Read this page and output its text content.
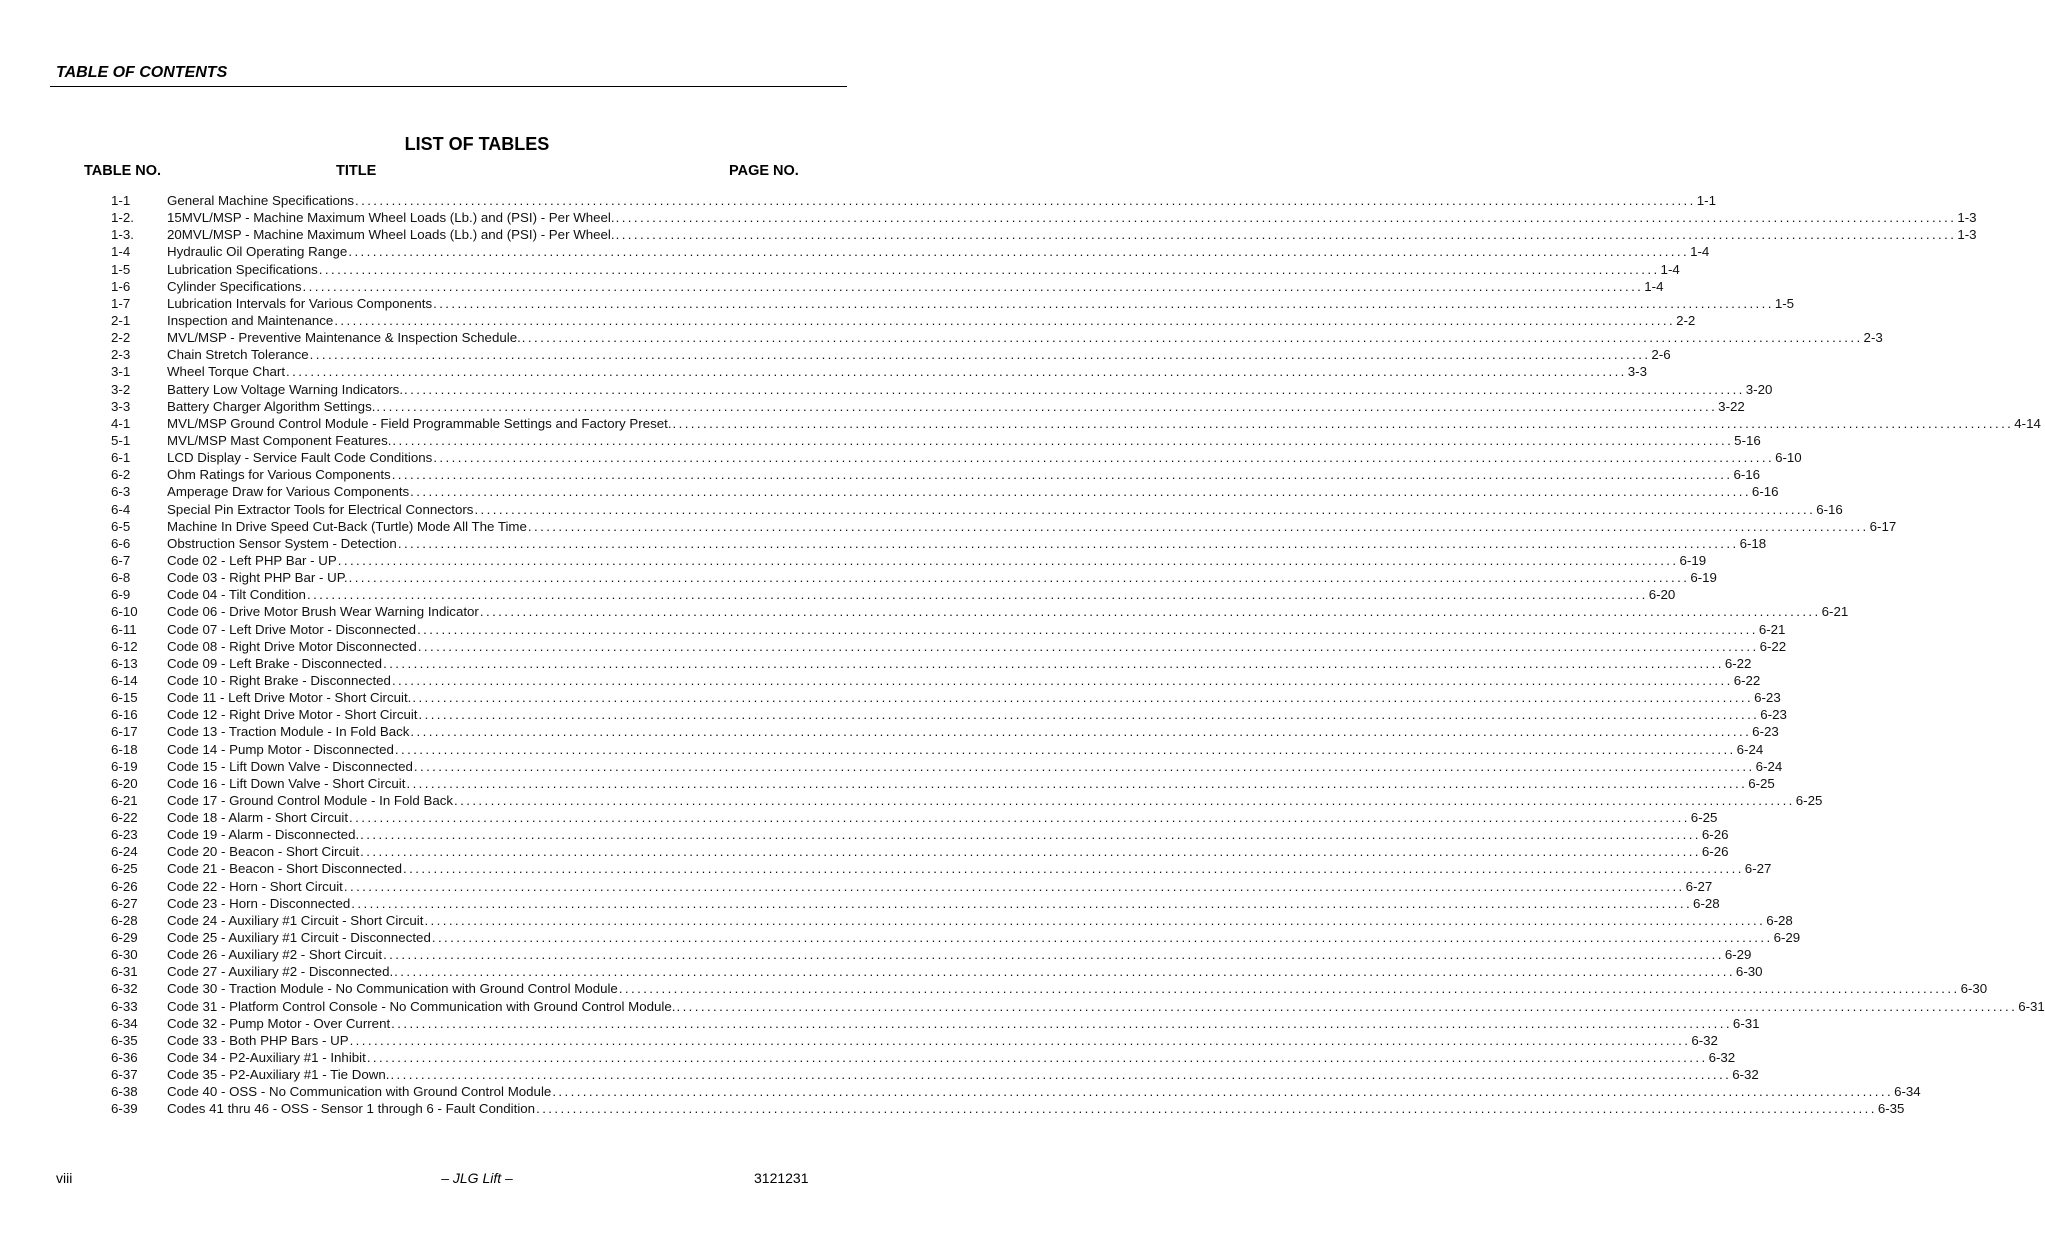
TABLE OF CONTENTS
LIST OF TABLES
TABLE NO.	TITLE	PAGE NO.
1-1	General Machine Specifications ............................................................................................................................................................................................................................ 1-1
1-2.	15MVL/MSP - Machine Maximum Wheel Loads (Lb.) and (PSI) - Per Wheel. ............................................................................................................................................................................................................................ 1-3
1-3.	20MVL/MSP - Machine Maximum Wheel Loads (Lb.) and (PSI) - Per Wheel. ............................................................................................................................................................................................................................ 1-3
1-4	Hydraulic Oil Operating Range ............................................................................................................................................................................................................................ 1-4
1-5	Lubrication Specifications ............................................................................................................................................................................................................................ 1-4
1-6	Cylinder Specifications ............................................................................................................................................................................................................................ 1-4
1-7	Lubrication Intervals for Various Components ............................................................................................................................................................................................................................ 1-5
2-1	Inspection and Maintenance ............................................................................................................................................................................................................................ 2-2
2-2	MVL/MSP - Preventive Maintenance & Inspection Schedule. ............................................................................................................................................................................................................................ 2-3
2-3	Chain Stretch Tolerance ............................................................................................................................................................................................................................ 2-6
3-1	Wheel Torque Chart ............................................................................................................................................................................................................................ 3-3
3-2	Battery Low Voltage Warning Indicators. ............................................................................................................................................................................................................................ 3-20
3-3	Battery Charger Algorithm Settings. ............................................................................................................................................................................................................................ 3-22
4-1	MVL/MSP Ground Control Module - Field Programmable Settings and Factory Preset. ............................................................................................................................................................................................................................ 4-14
5-1	MVL/MSP Mast Component Features. ............................................................................................................................................................................................................................ 5-16
6-1	LCD Display - Service Fault Code Conditions ............................................................................................................................................................................................................................ 6-10
6-2	Ohm Ratings for Various Components ............................................................................................................................................................................................................................ 6-16
6-3	Amperage Draw for Various Components ............................................................................................................................................................................................................................ 6-16
6-4	Special Pin Extractor Tools for Electrical Connectors ............................................................................................................................................................................................................................ 6-16
6-5	Machine In Drive Speed Cut-Back (Turtle) Mode All The Time ............................................................................................................................................................................................................................ 6-17
6-6	Obstruction Sensor System - Detection ............................................................................................................................................................................................................................ 6-18
6-7	Code 02 - Left PHP Bar - UP ............................................................................................................................................................................................................................ 6-19
6-8	Code 03 - Right PHP Bar - UP. ............................................................................................................................................................................................................................ 6-19
6-9	Code 04 - Tilt Condition ............................................................................................................................................................................................................................ 6-20
6-10	Code 06 - Drive Motor Brush Wear Warning Indicator ............................................................................................................................................................................................................................ 6-21
6-11	Code 07 - Left Drive Motor - Disconnected ............................................................................................................................................................................................................................ 6-21
6-12	Code 08 - Right Drive Motor Disconnected ............................................................................................................................................................................................................................ 6-22
6-13	Code 09 - Left Brake - Disconnected ............................................................................................................................................................................................................................ 6-22
6-14	Code 10 - Right Brake - Disconnected ............................................................................................................................................................................................................................ 6-22
6-15	Code 11 - Left Drive Motor - Short Circuit. ............................................................................................................................................................................................................................ 6-23
6-16	Code 12 - Right Drive Motor - Short Circuit ............................................................................................................................................................................................................................ 6-23
6-17	Code 13 - Traction Module - In Fold Back ............................................................................................................................................................................................................................ 6-23
6-18	Code 14 - Pump Motor - Disconnected ............................................................................................................................................................................................................................ 6-24
6-19	Code 15 - Lift Down Valve - Disconnected ............................................................................................................................................................................................................................ 6-24
6-20	Code 16 - Lift Down Valve - Short Circuit ............................................................................................................................................................................................................................ 6-25
6-21	Code 17 - Ground Control Module - In Fold Back ............................................................................................................................................................................................................................ 6-25
6-22	Code 18 - Alarm - Short Circuit ............................................................................................................................................................................................................................ 6-25
6-23	Code 19 - Alarm - Disconnected. ............................................................................................................................................................................................................................ 6-26
6-24	Code 20 - Beacon - Short Circuit ............................................................................................................................................................................................................................ 6-26
6-25	Code 21 - Beacon - Short Disconnected ............................................................................................................................................................................................................................ 6-27
6-26	Code 22 - Horn - Short Circuit ............................................................................................................................................................................................................................ 6-27
6-27	Code 23 - Horn - Disconnected ............................................................................................................................................................................................................................ 6-28
6-28	Code 24 - Auxiliary #1 Circuit - Short Circuit ............................................................................................................................................................................................................................ 6-28
6-29	Code 25 - Auxiliary #1 Circuit - Disconnected ............................................................................................................................................................................................................................ 6-29
6-30	Code 26 - Auxiliary #2 - Short Circuit ............................................................................................................................................................................................................................ 6-29
6-31	Code 27 - Auxiliary #2 - Disconnected. ............................................................................................................................................................................................................................ 6-30
6-32	Code 30 - Traction Module - No Communication with Ground Control Module ............................................................................................................................................................................................................................ 6-30
6-33	Code 31 - Platform Control Console - No Communication with Ground Control Module. ............................................................................................................................................................................................................................ 6-31
6-34	Code 32 - Pump Motor - Over Current ............................................................................................................................................................................................................................ 6-31
6-35	Code 33 - Both PHP Bars - UP ............................................................................................................................................................................................................................ 6-32
6-36	Code 34 - P2-Auxiliary #1 - Inhibit ............................................................................................................................................................................................................................ 6-32
6-37	Code 35 - P2-Auxiliary #1 - Tie Down. ............................................................................................................................................................................................................................ 6-32
6-38	Code 40 - OSS - No Communication with Ground Control Module ............................................................................................................................................................................................................................ 6-34
6-39	Codes 41 thru 46 - OSS - Sensor 1 through 6 - Fault Condition ............................................................................................................................................................................................................................ 6-35
viii	– JLG Lift –	3121231
